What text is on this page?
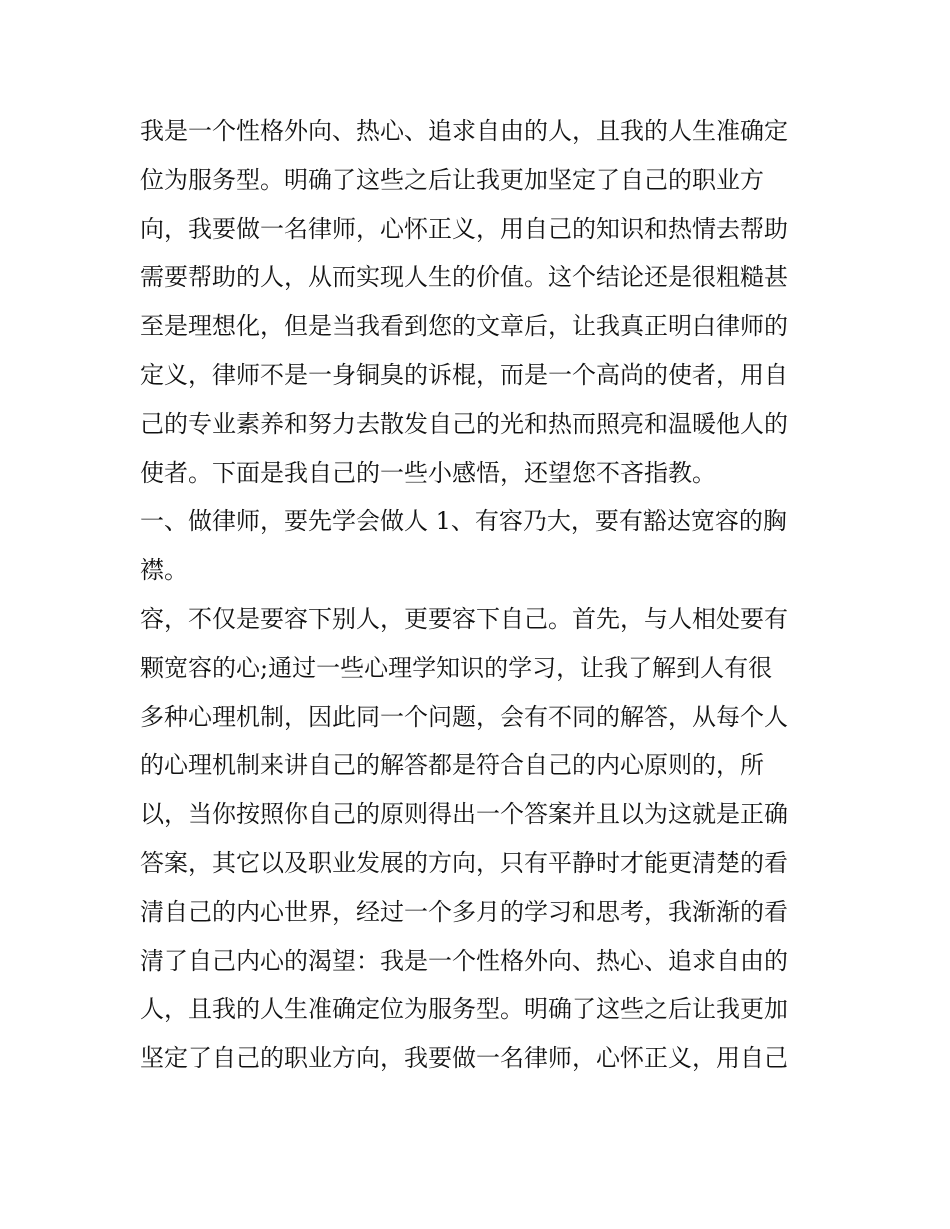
我是一个性格外向、热心、追求自由的人，且我的人生准确定
位为服务型。明确了这些之后让我更加坚定了自己的职业方
向，我要做一名律师，心怀正义，用自己的知识和热情去帮助
需要帮助的人，从而实现人生的价值。这个结论还是很粗糙甚
至是理想化，但是当我看到您的文章后，让我真正明白律师的
定义，律师不是一身铜臭的诉棍，而是一个高尚的使者，用自
己的专业素养和努力去散发自己的光和热而照亮和温暖他人的
使者。下面是我自己的一些小感悟，还望您不吝指教。
一、做律师，要先学会做人 1、有容乃大，要有豁达宽容的胸
襟。
容，不仅是要容下别人，更要容下自己。首先，与人相处要有
颗宽容的心;通过一些心理学知识的学习，让我了解到人有很
多种心理机制，因此同一个问题，会有不同的解答，从每个人
的心理机制来讲自己的解答都是符合自己的内心原则的，所
以，当你按照你自己的原则得出一个答案并且以为这就是正确
答案，其它以及职业发展的方向，只有平静时才能更清楚的看
清自己的内心世界，经过一个多月的学习和思考，我渐渐的看
清了自己内心的渴望：我是一个性格外向、热心、追求自由的
人，且我的人生准确定位为服务型。明确了这些之后让我更加
坚定了自己的职业方向，我要做一名律师，心怀正义，用自己
